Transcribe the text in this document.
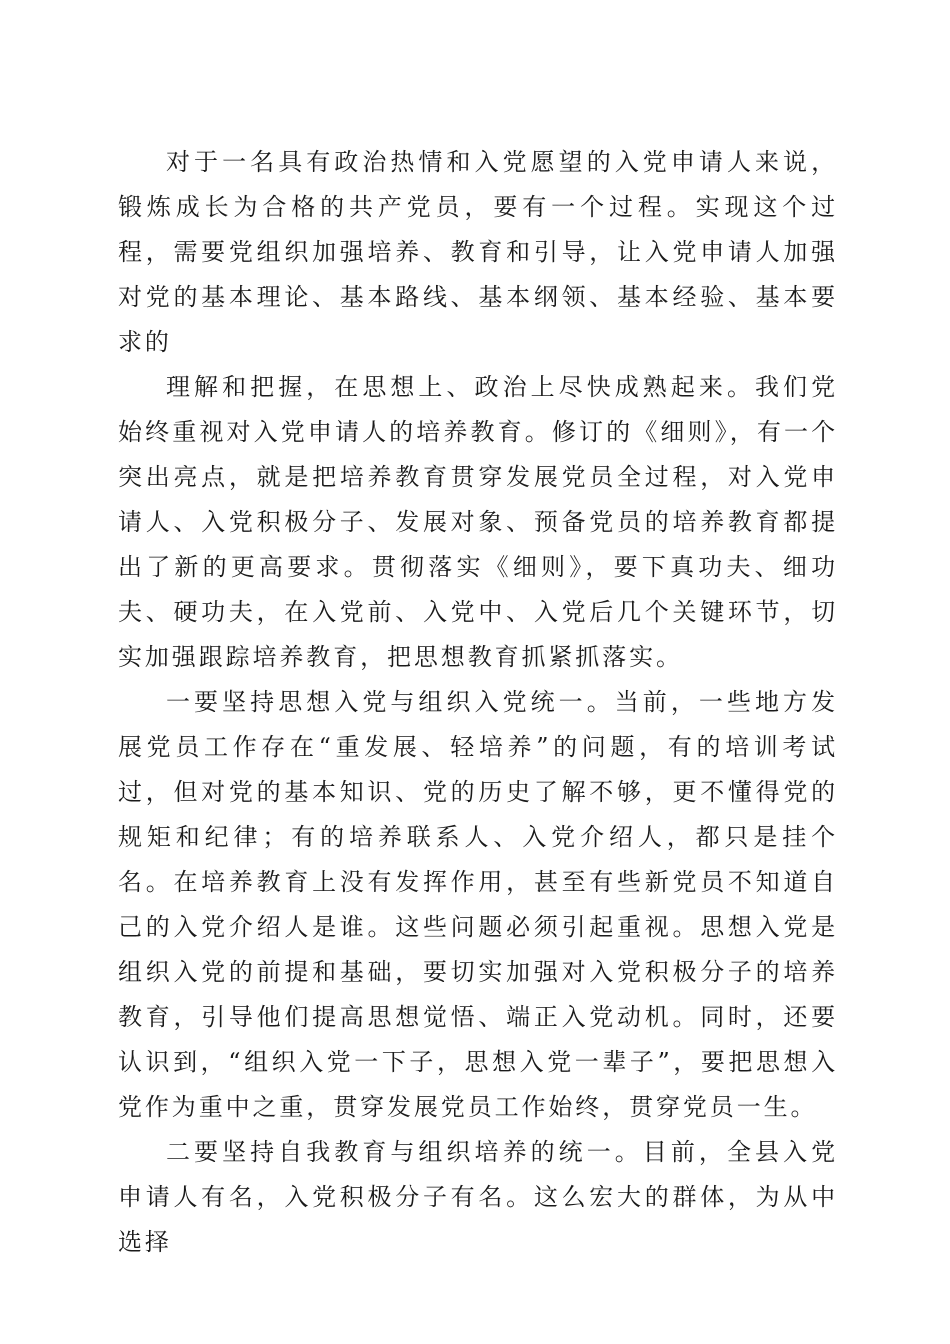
对于一名具有政治热情和入党愿望的入党申请人来说，锻炼成长为合格的共产党员，要有一个过程。实现这个过程，需要党组织加强培养、教育和引导，让入党申请人加强对党的基本理论、基本路线、基本纲领、基本经验、基本要求的

理解和把握，在思想上、政治上尽快成熟起来。我们党始终重视对入党申请人的培养教育。修订的《细则》，有一个突出亮点，就是把培养教育贯穿发展党员全过程，对入党申请人、入党积极分子、发展对象、预备党员的培养教育都提出了新的更高要求。贯彻落实《细则》，要下真功夫、细功夫、硬功夫，在入党前、入党中、入党后几个关键环节，切实加强跟踪培养教育，把思想教育抓紧抓落实。

一要坚持思想入党与组织入党统一。当前，一些地方发展党员工作存在“重发展、轻培养”的问题，有的培训考试过，但对党的基本知识、党的历史了解不够，更不懂得党的规矩和纪律；有的培养联系人、入党介绍人，都只是挂个名。在培养教育上没有发挥作用，甚至有些新党员不知道自己的入党介绍人是谁。这些问题必须引起重视。思想入党是组织入党的前提和基础，要切实加强对入党积极分子的培养教育，引导他们提高思想觉悟、端正入党动机。同时，还要认识到，“组织入党一下子，思想入党一辈子”，要把思想入党作为重中之重，贯穿发展党员工作始终，贯穿党员一生。

二要坚持自我教育与组织培养的统一。目前，全县入党申请人有名，入党积极分子有名。这么宏大的群体，为从中选择
